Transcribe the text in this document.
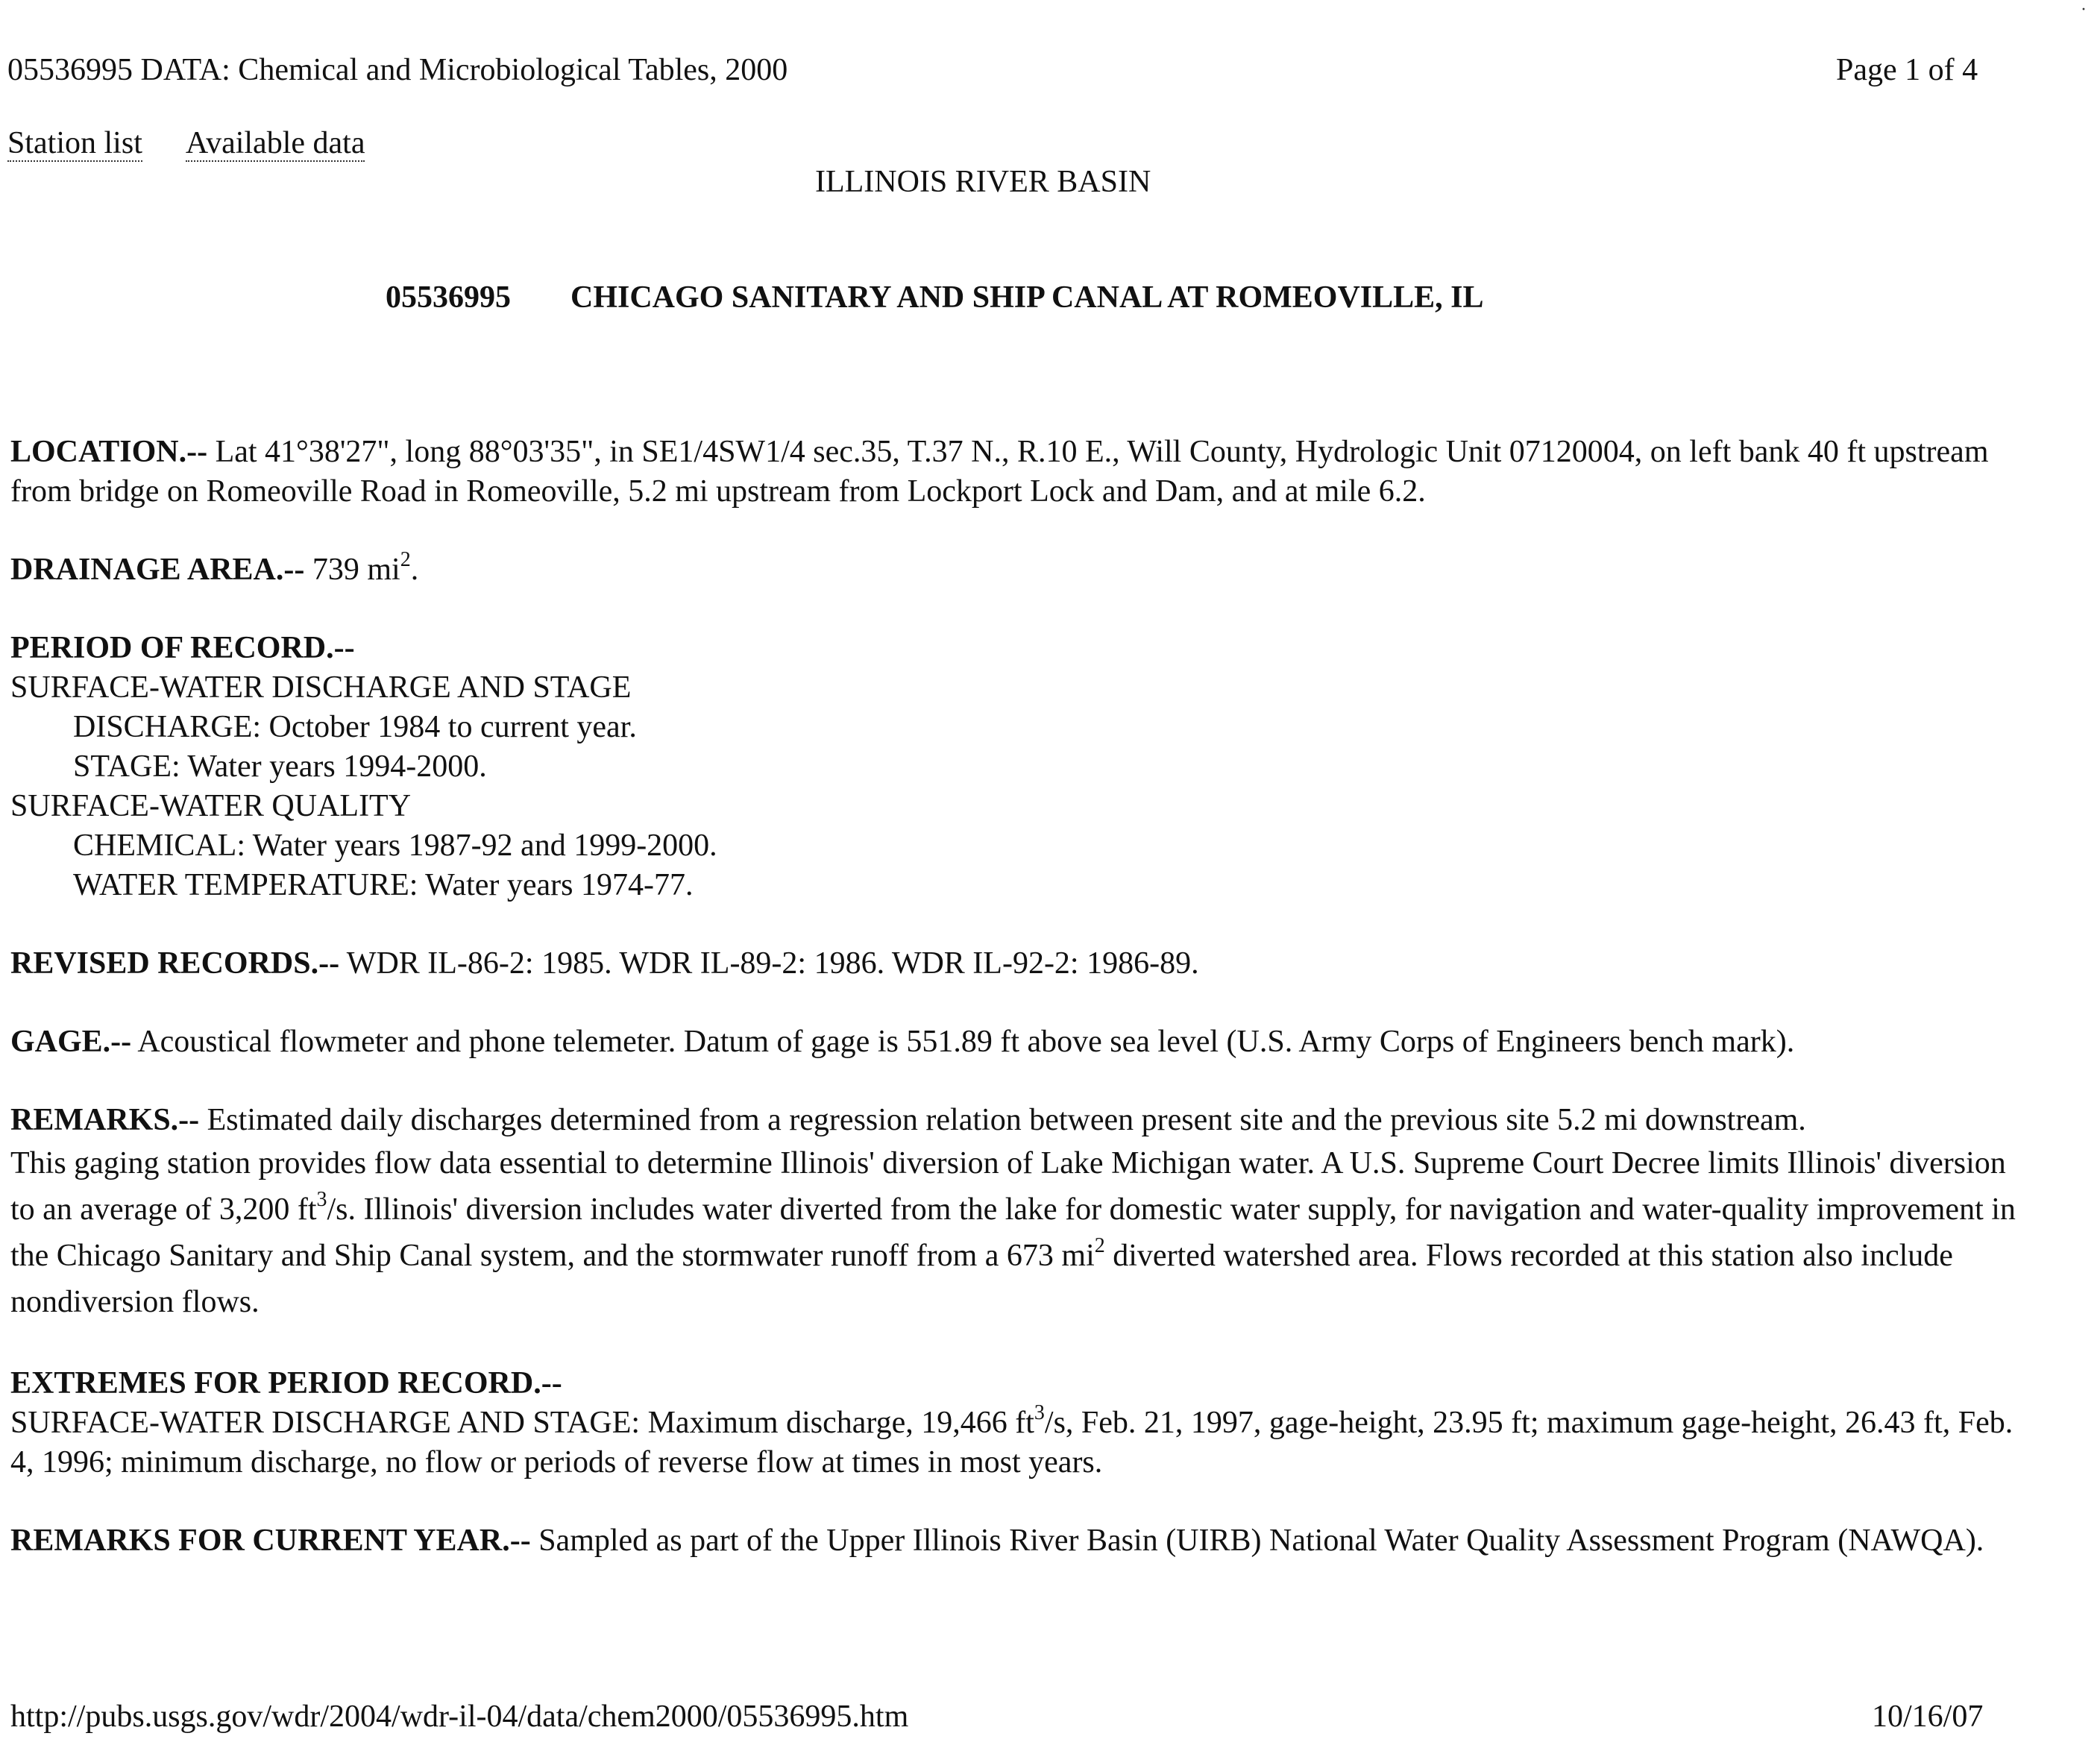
·
05536995 DATA: Chemical and Microbiological Tables, 2000	Page 1 of 4
Station list Available data
ILLINOIS RIVER BASIN
05536995 CHICAGO SANITARY AND SHIP CANAL AT ROMEOVILLE, IL

LOCATION.-- Lat 41°38'27", long 88°03'35", in SE1/4SW1/4 sec.35, T.37 N., R.10 E., Will County, Hydrologic Unit 07120004, on left bank 40 ft upstream from bridge on Romeoville Road in Romeoville, 5.2 mi upstream from Lockport Lock and Dam, and at mile 6.2.

DRAINAGE AREA.-- 739 $mi^2$.

PERIOD OF RECORD.--

SURFACE-WATER DISCHARGE AND STAGE

DISCHARGE: October 1984 to current year.

STAGE: Water years 1994-2000.

SURFACE-WATER QUALITY

CHEMICAL: Water years 1987-92 and 1999-2000.

WATER TEMPERATURE: Water years 1974-77.

REVISED RECORDS.-- WDR IL-86-2: 1985. WDR IL-89-2: 1986. WDR IL-92-2: 1986-89.

GAGE.-- Acoustical flowmeter and phone telemeter. Datum of gage is 551.89 ft above sea level (U.S. Army Corps of Engineers bench mark).

REMARKS.-- Estimated daily discharges determined from a regression relation between present site and the previous site 5.2 mi downstream.

This gaging station provides flow data essential to determine Illinois' diversion of Lake Michigan water. A U.S. Supreme Court Decree limits Illinois' diversion to an average of 3,200 $ft^3/s$. Illinois' diversion includes water diverted from the lake for domestic water supply, for navigation and water-quality improvement in the Chicago Sanitary and Ship Canal system, and the stormwater runoff from a 673 $mi^2$ diverted watershed area. Flows recorded at this station also include nondiversion flows.

EXTREMES FOR PERIOD RECORD.--

SURFACE-WATER DISCHARGE AND STAGE: Maximum discharge, 19,466 $ft^3/s$, Feb. 21, 1997, gage-height, 23.95 ft; maximum gage-height, 26.43 ft, Feb. 4, 1996; minimum discharge, no flow or periods of reverse flow at times in most years.

REMARKS FOR CURRENT YEAR.-- Sampled as part of the Upper Illinois River Basin (UIRB) National Water Quality Assessment Program (NAWQA).

http://pubs.usgs.gov/wdr/2004/wdr-il-04/data/chem2000/05536995.htm	10/16/07
